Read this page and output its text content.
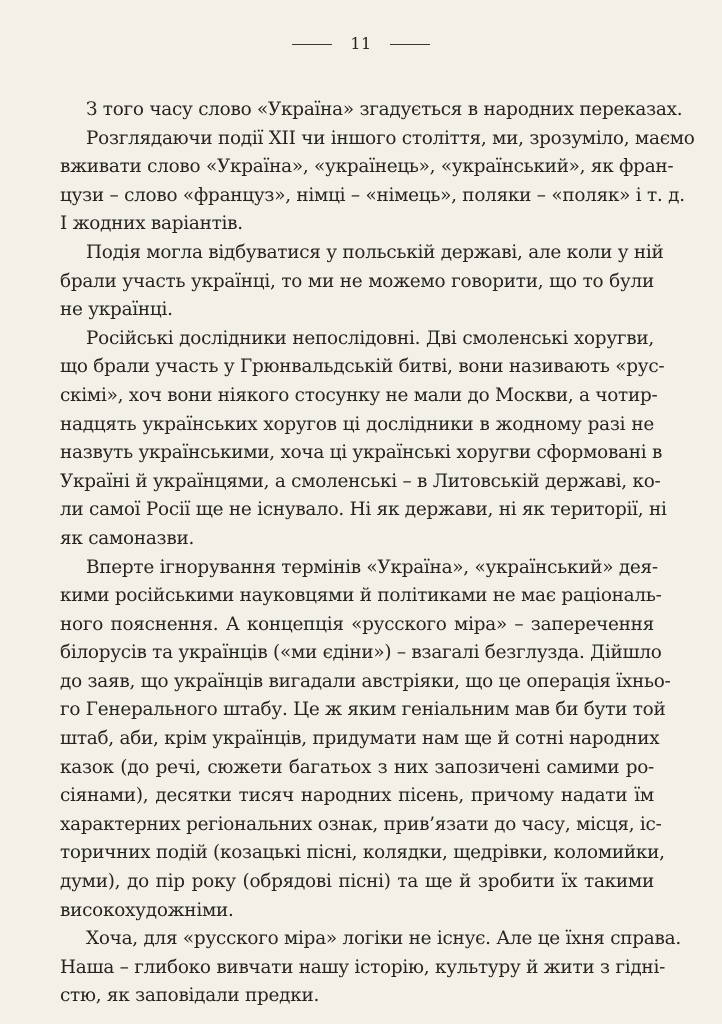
11
З того часу слово «Україна» згадується в народних переказах.
Розглядаючи події XII чи іншого століття, ми, зрозуміло, маємо
вживати слово «Україна», «українець», «український», як фран-
цузи – слово «француз», німці – «німець», поляки – «поляк» і т. д.
І жодних варіантів.
Подія могла відбуватися у польській державі, але коли у ній
брали участь українці, то ми не можемо говорити, що то були
не українці.
Російські дослідники непослідовні. Дві смоленські хоругви,
що брали участь у Грюнвальдській битві, вони називають «рус-
скімі», хоч вони ніякого стосунку не мали до Москви, а чотир-
надцять українських хоругов ці дослідники в жодному разі не
назвуть українськими, хоча ці українські хоругви сформовані в
Україні й українцями, а смоленські – в Литовській державі, ко-
ли самої Росії ще не існувало. Ні як держави, ні як території, ні
як самоназви.
Вперте ігнорування термінів «Україна», «український» дея-
кими російськими науковцями й політиками не має раціональ-
ного пояснення. А концепція «русского міра» – заперечення
білорусів та українців («ми єдіни») – взагалі безглузда. Дійшло
до заяв, що українців вигадали австріяки, що це операція їхньо-
го Генерального штабу. Це ж яким геніальним мав би бути той
штаб, аби, крім українців, придумати нам ще й сотні народних
казок (до речі, сюжети багатьох з них запозичені самими ро-
сіянами), десятки тисяч народних пісень, причому надати їм
характерних регіональних ознак, прив’язати до часу, місця, іс-
торичних подій (козацькі пісні, колядки, щедрівки, коломийки,
думи), до пір року (обрядові пісні) та ще й зробити їх такими
високохудожніми.
Хоча, для «русского міра» логіки не існує. Але це їхня справа.
Наша – глибоко вивчати нашу історію, культуру й жити з гідні-
стю, як заповідали предки.
